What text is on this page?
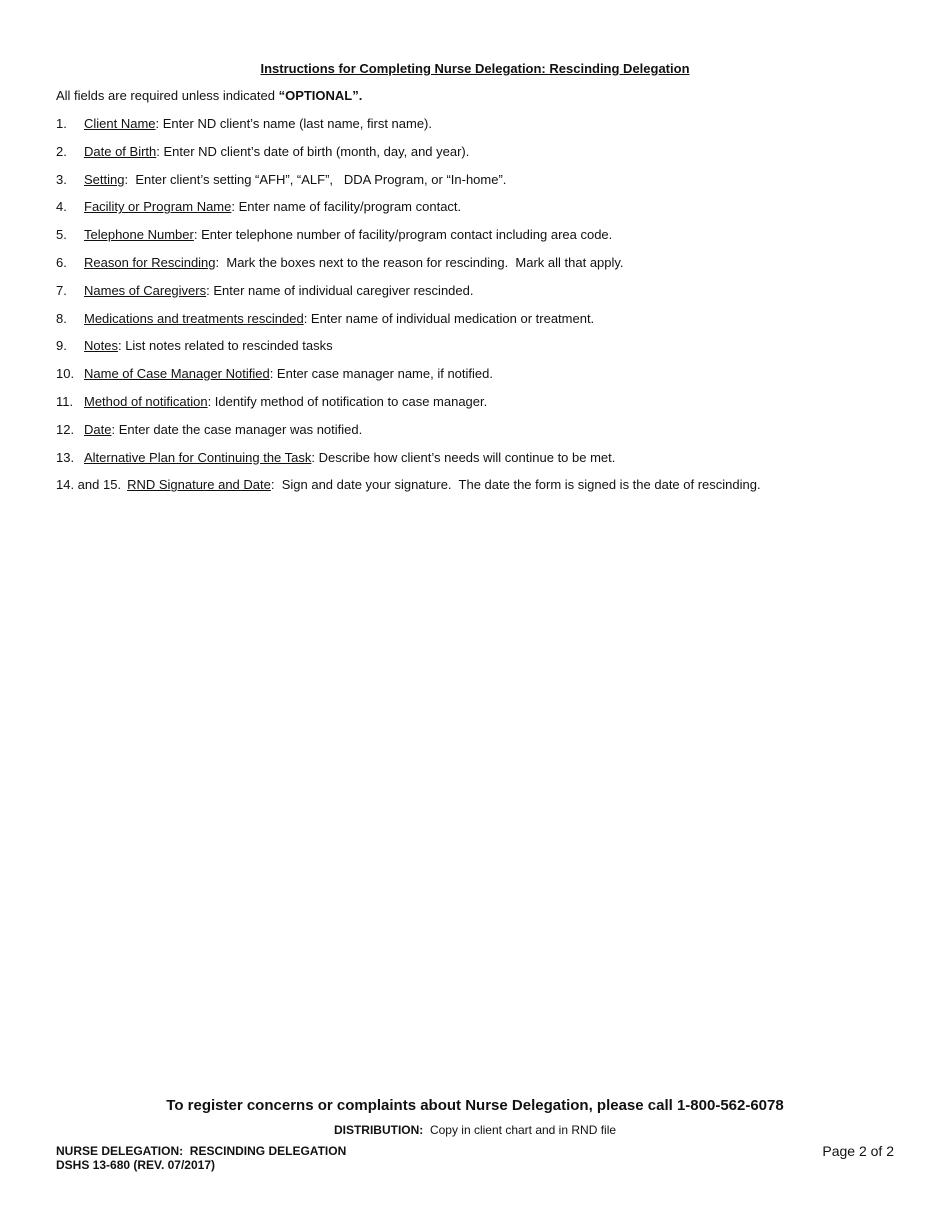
Instructions for Completing Nurse Delegation: Rescinding Delegation
All fields are required unless indicated “OPTIONAL”.
1. Client Name: Enter ND client’s name (last name, first name).
2. Date of Birth: Enter ND client’s date of birth (month, day, and year).
3. Setting:  Enter client’s setting “AFH”, “ALF”,   DDA Program, or “In-home”.
4. Facility or Program Name: Enter name of facility/program contact.
5. Telephone Number: Enter telephone number of facility/program contact including area code.
6. Reason for Rescinding:  Mark the boxes next to the reason for rescinding.  Mark all that apply.
7. Names of Caregivers: Enter name of individual caregiver rescinded.
8. Medications and treatments rescinded: Enter name of individual medication or treatment.
9. Notes: List notes related to rescinded tasks
10. Name of Case Manager Notified: Enter case manager name, if notified.
11. Method of notification: Identify method of notification to case manager.
12. Date: Enter date the case manager was notified.
13. Alternative Plan for Continuing the Task: Describe how client’s needs will continue to be met.
14. and 15. RND Signature and Date:  Sign and date your signature.  The date the form is signed is the date of rescinding.
To register concerns or complaints about Nurse Delegation, please call 1-800-562-6078
DISTRIBUTION:  Copy in client chart and in RND file
NURSE DELEGATION:  RESCINDING DELEGATION
DSHS 13-680 (REV. 07/2017)
Page 2 of 2
